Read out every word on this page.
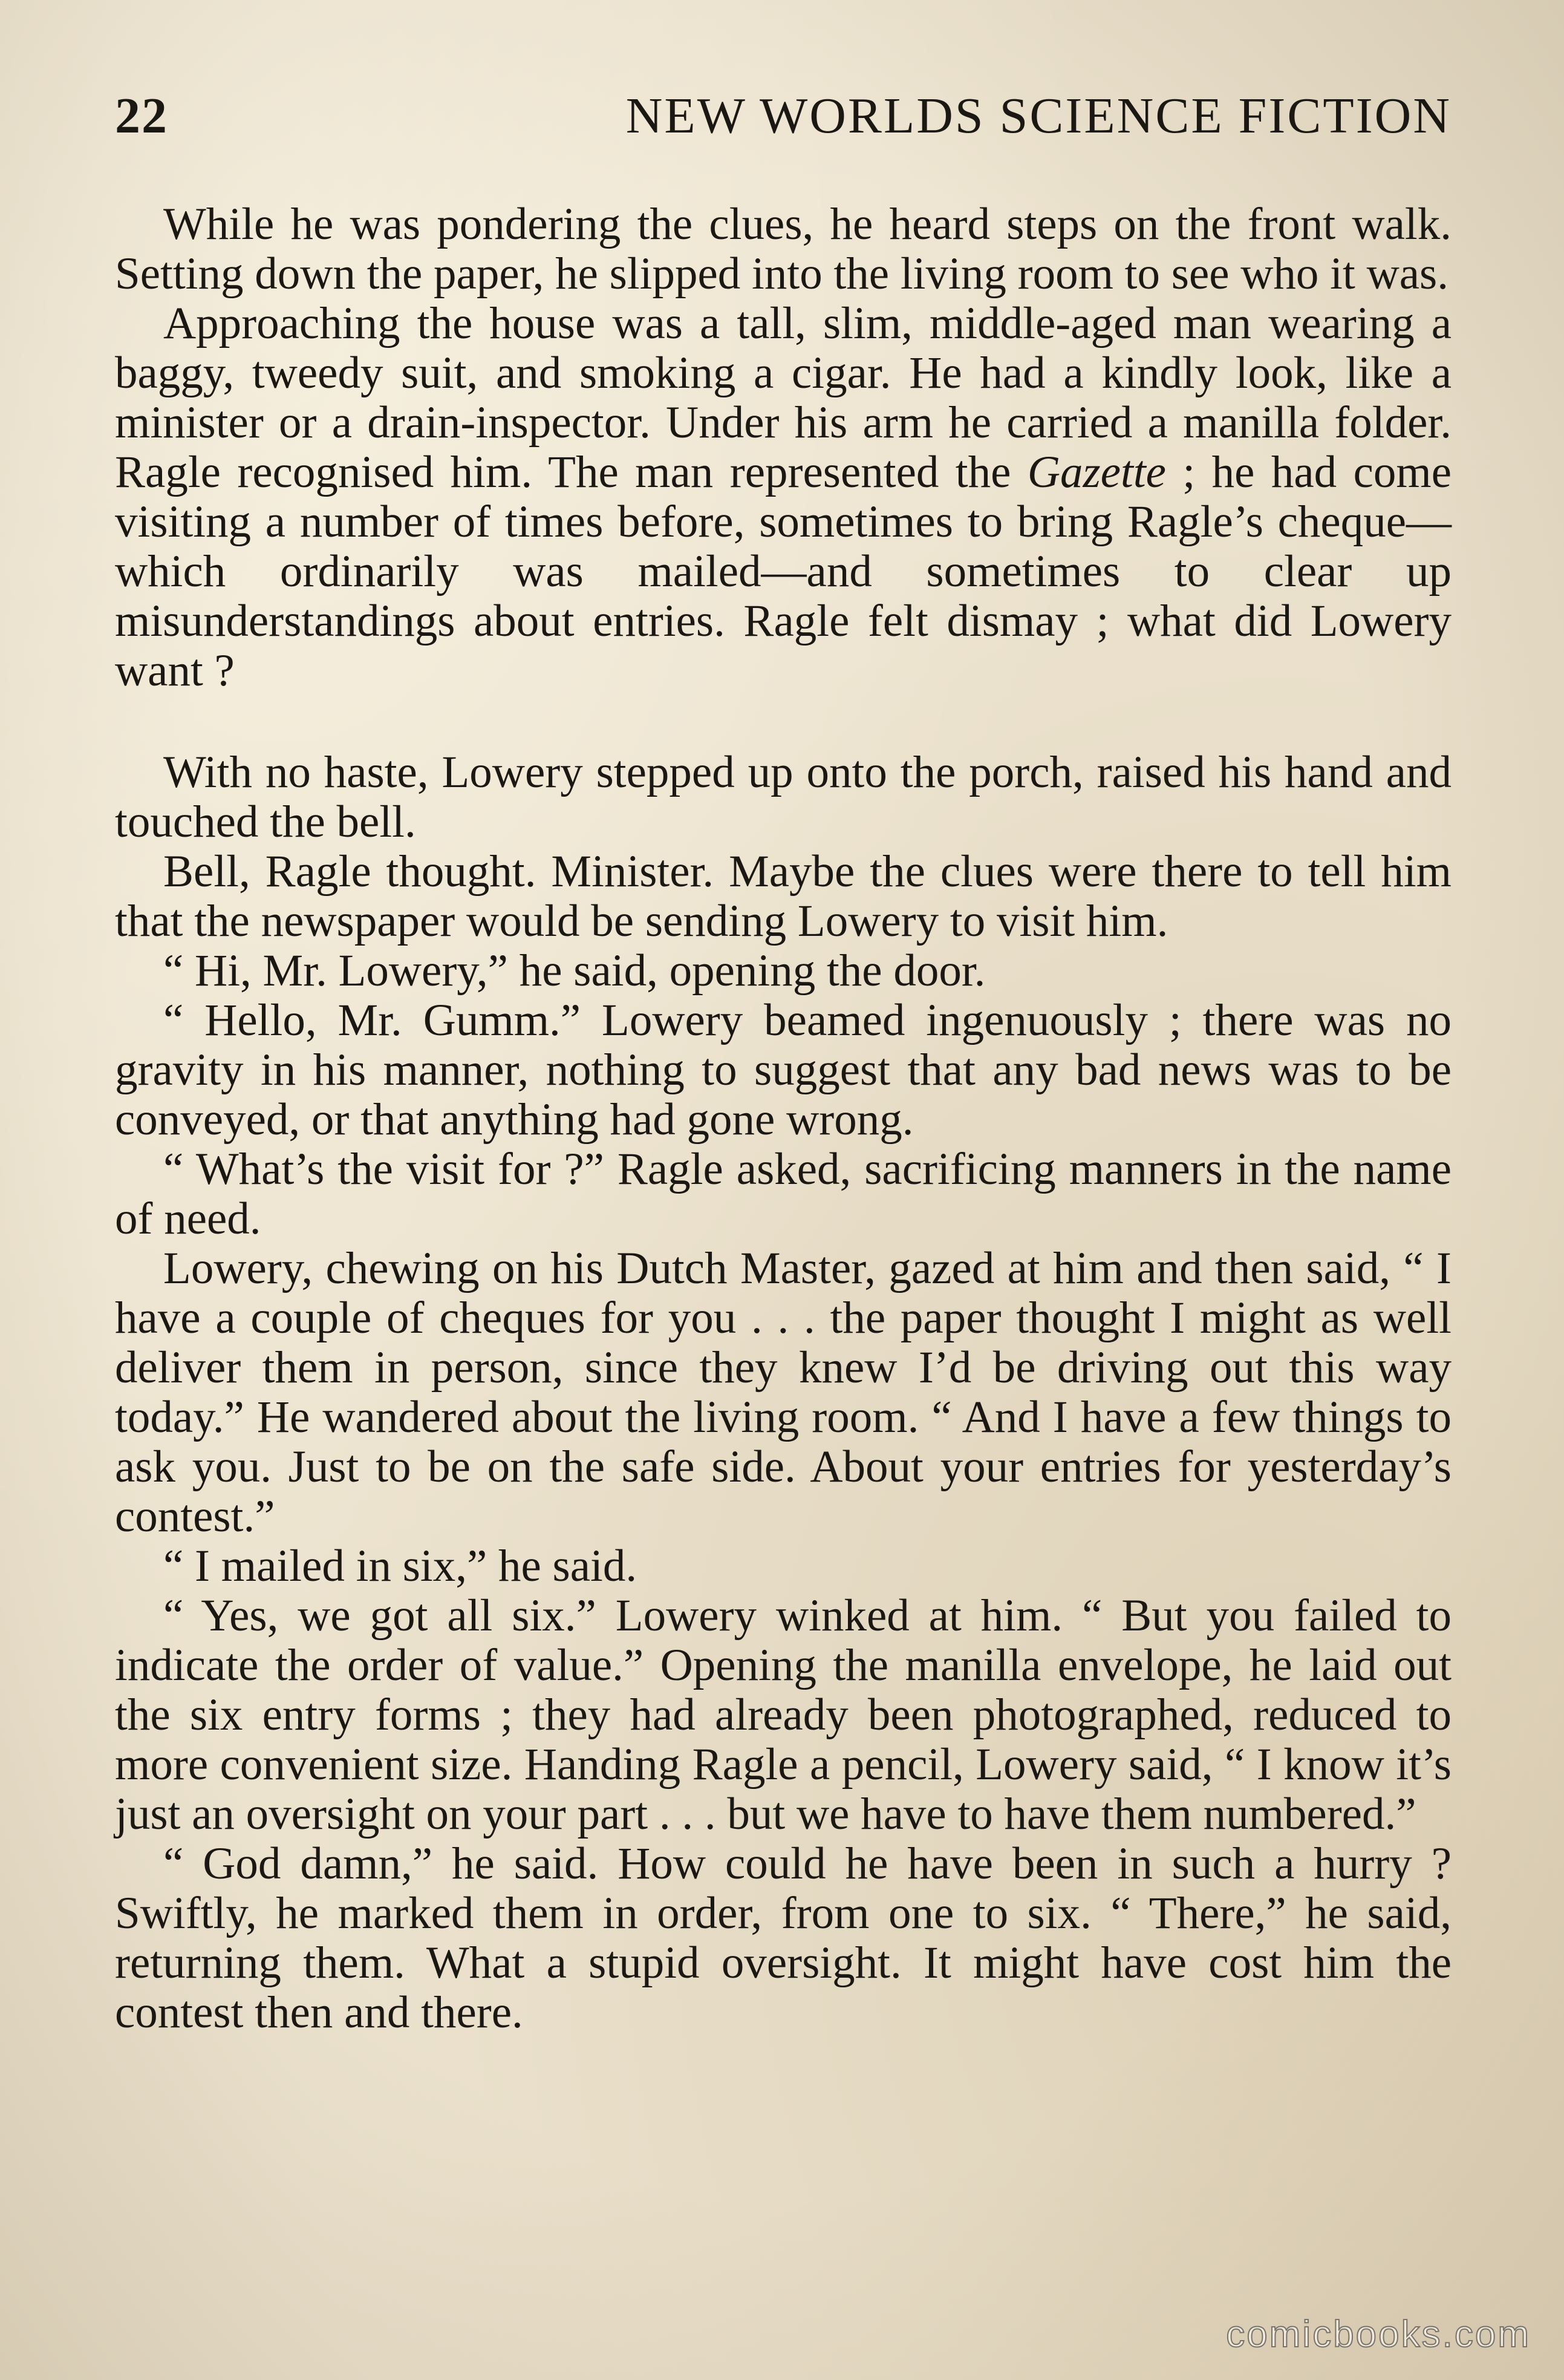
22	NEW WORLDS SCIENCE FICTION

While he was pondering the clues, he heard steps on the front walk. Setting down the paper, he slipped into the living room to see who it was.

Approaching the house was a tall, slim, middle-aged man wearing a baggy, tweedy suit, and smoking a cigar. He had a kindly look, like a minister or a drain-inspector. Under his arm he carried a manilla folder. Ragle recognised him. The man represented the Gazette ; he had come visiting a number of times before, sometimes to bring Ragle’s cheque—which ordinarily was mailed—and sometimes to clear up misunderstandings about entries. Ragle felt dismay ; what did Lowery want ?

With no haste, Lowery stepped up onto the porch, raised his hand and touched the bell.

Bell, Ragle thought. Minister. Maybe the clues were there to tell him that the newspaper would be sending Lowery to visit him.

“ Hi, Mr. Lowery,” he said, opening the door.

“ Hello, Mr. Gumm.” Lowery beamed ingenuously ; there was no gravity in his manner, nothing to suggest that any bad news was to be conveyed, or that anything had gone wrong.

“ What’s the visit for ?” Ragle asked, sacrificing manners in the name of need.

Lowery, chewing on his Dutch Master, gazed at him and then said, “ I have a couple of cheques for you . . . the paper thought I might as well deliver them in person, since they knew I’d be driving out this way today.” He wandered about the living room. “ And I have a few things to ask you. Just to be on the safe side. About your entries for yesterday’s contest.”

“ I mailed in six,” he said.

“ Yes, we got all six.” Lowery winked at him. “ But you failed to indicate the order of value.” Opening the manilla envelope, he laid out the six entry forms ; they had already been photographed, reduced to more convenient size. Handing Ragle a pencil, Lowery said, “ I know it’s just an oversight on your part . . . but we have to have them numbered.”

“ God damn,” he said. How could he have been in such a hurry ? Swiftly, he marked them in order, from one to six. “ There,” he said, returning them. What a stupid oversight. It might have cost him the contest then and there.

comicbooks.com
